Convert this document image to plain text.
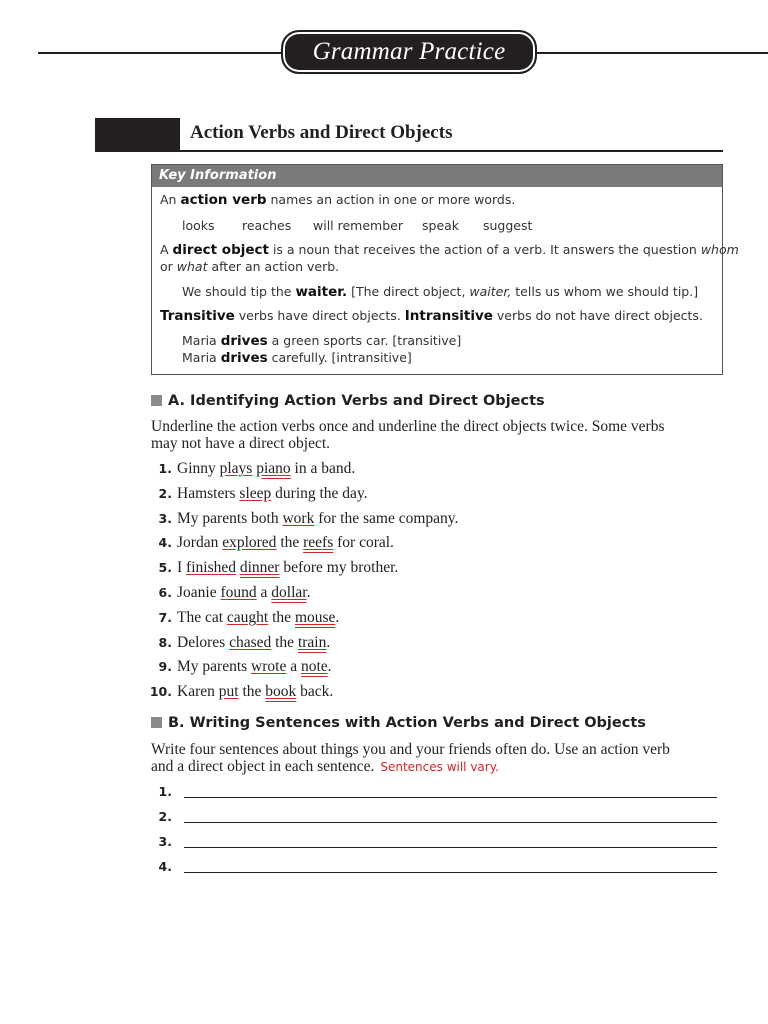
Grammar Practice
Action Verbs and Direct Objects
Key Information
An action verb names an action in one or more words.
looks reaches will remember speak suggest
A direct object is a noun that receives the action of a verb. It answers the question whom
or what after an action verb.
We should tip the waiter. [The direct object, waiter, tells us whom we should tip.]
Transitive verbs have direct objects. Intransitive verbs do not have direct objects.
Maria drives a green sports car. [transitive]
Maria drives carefully. [intransitive]
A. Identifying Action Verbs and Direct Objects
Underline the action verbs once and underline the direct objects twice. Some verbs
may not have a direct object.
1. Ginny plays piano in a band.
2. Hamsters sleep during the day.
3. My parents both work for the same company.
4. Jordan explored the reefs for coral.
5. I finished dinner before my brother.
6. Joanie found a dollar.
7. The cat caught the mouse.
8. Delores chased the train.
9. My parents wrote a note.
10. Karen put the book back.
B. Writing Sentences with Action Verbs and Direct Objects
Write four sentences about things you and your friends often do. Use an action verb
and a direct object in each sentence. Sentences will vary.
1.
2.
3.
4.
